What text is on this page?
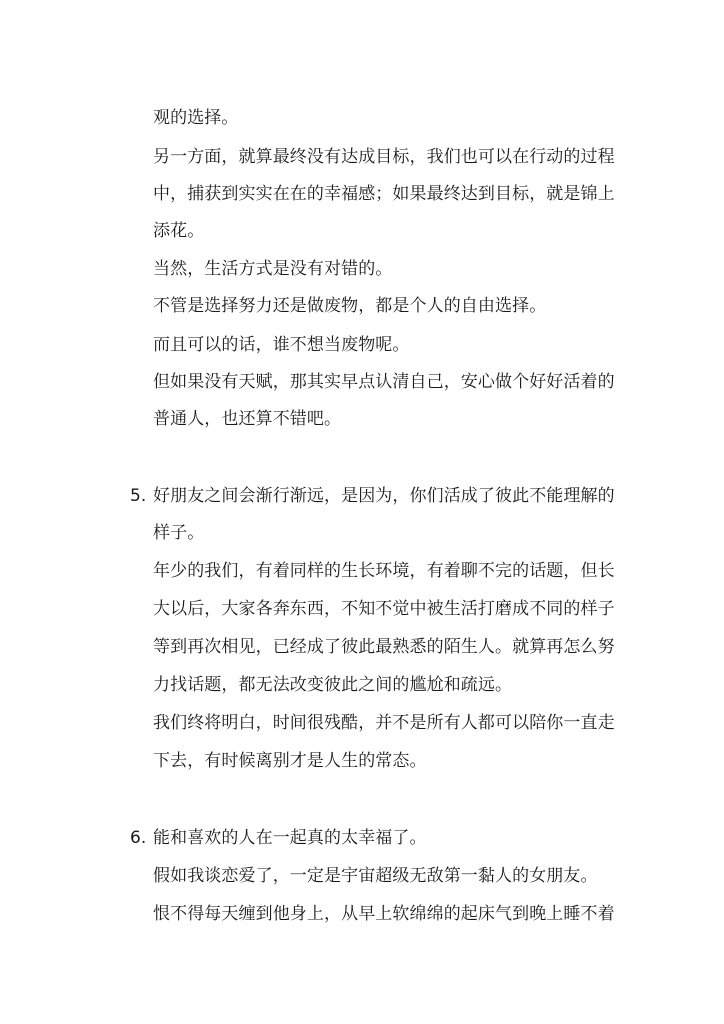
观的选择。
另一方面，就算最终没有达成目标，我们也可以在行动的过程
中，捕获到实实在在的幸福感；如果最终达到目标，就是锦上
添花。
当然，生活方式是没有对错的。
不管是选择努力还是做废物，都是个人的自由选择。
而且可以的话，谁不想当废物呢。
但如果没有天赋，那其实早点认清自己，安心做个好好活着的
普通人，也还算不错吧。
5. 好朋友之间会渐行渐远，是因为，你们活成了彼此不能理解的
样子。
年少的我们，有着同样的生长环境，有着聊不完的话题，但长
大以后，大家各奔东西，不知不觉中被生活打磨成不同的样子
等到再次相见，已经成了彼此最熟悉的陌生人。就算再怎么努
力找话题，都无法改变彼此之间的尴尬和疏远。
我们终将明白，时间很残酷，并不是所有人都可以陪你一直走
下去，有时候离别才是人生的常态。
6. 能和喜欢的人在一起真的太幸福了。
假如我谈恋爱了，一定是宇宙超级无敌第一黏人的女朋友。
恨不得每天缠到他身上，从早上软绵绵的起床气到晚上睡不着
